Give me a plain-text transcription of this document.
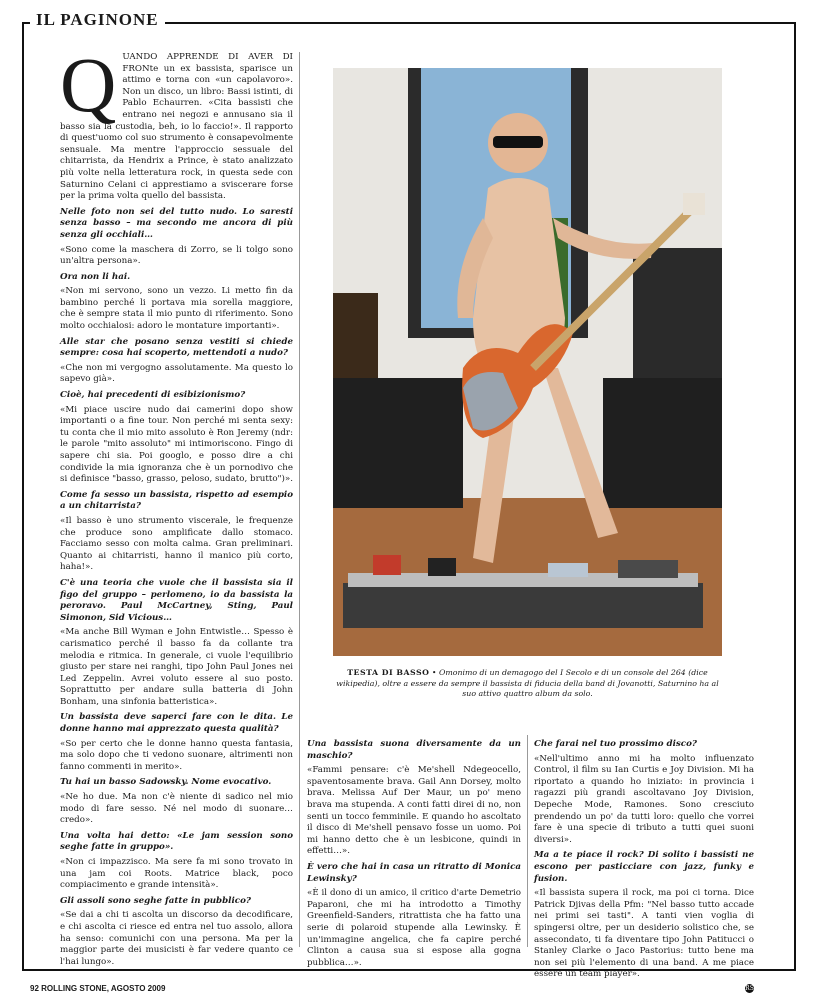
IL PAGINONE

QUANDO APPRENDE DI AVER DI FRONte un ex bassista, sparisce un attimo e torna con «un capolavoro». Non un disco, un libro: Bassi istinti, di Pablo Echaurren. «Cita bassisti che entrano nei negozi e annusano sia il basso sia la custodia, beh, io lo faccio!». Il rapporto di quest'uomo col suo strumento è consapevolmente sensuale. Ma mentre l'approccio sessuale del chitarrista, da Hendrix a Prince, è stato analizzato più volte nella letteratura rock, in questa sede con Saturnino Celani ci apprestiamo a sviscerare forse per la prima volta quello del bassista.

Nelle foto non sei del tutto nudo. Lo saresti senza basso – ma secondo me ancora di più senza gli occhiali…

«Sono come la maschera di Zorro, se li tolgo sono un'altra persona».

Ora non li hai.

«Non mi servono, sono un vezzo. Li metto fin da bambino perché li portava mia sorella maggiore, che è sempre stata il mio punto di riferimento. Sono molto occhialosi: adoro le montature importanti».

Alle star che posano senza vestiti si chiede sempre: cosa hai scoperto, mettendoti a nudo?

«Che non mi vergogno assolutamente. Ma questo lo sapevo già».

Cioè, hai precedenti di esibizionismo?

«Mi piace uscire nudo dai camerini dopo show importanti o a fine tour. Non perché mi senta sexy: tu conta che il mio mito assoluto è Ron Jeremy (ndr: le parole "mito assoluto" mi intimoriscono. Fingo di sapere chi sia. Poi googlo, e posso dire a chi condivide la mia ignoranza che è un pornodivo che si definisce "basso, grasso, peloso, sudato, brutto")».

Come fa sesso un bassista, rispetto ad esempio a un chitarrista?

«Il basso è uno strumento viscerale, le frequenze che produce sono amplificate dallo stomaco. Facciamo sesso con molta calma. Gran preliminari. Quanto ai chitarristi, hanno il manico più corto, haha!».

C'è una teoria che vuole che il bassista sia il figo del gruppo – perlomeno, io da bassista la peroravo. Paul McCartney, Sting, Paul Simonon, Sid Vicious…

«Ma anche Bill Wyman e John Entwistle… Spesso è carismatico perché il basso fa da collante tra melodia e ritmica. In generale, ci vuole l'equilibrio giusto per stare nei ranghi, tipo John Paul Jones nei Led Zeppelin. Avrei voluto essere al suo posto. Soprattutto per andare sulla batteria di John Bonham, una sinfonia batteristica».

Un bassista deve saperci fare con le dita. Le donne hanno mai apprezzato questa qualità?

«So per certo che le donne hanno questa fantasia, ma solo dopo che ti vedono suonare, altrimenti non fanno commenti in merito».

Tu hai un basso Sadowsky. Nome evocativo.

«Ne ho due. Ma non c'è niente di sadico nel mio modo di fare sesso. Né nel modo di suonare… credo».

Una volta hai detto: «Le jam session sono seghe fatte in gruppo».

«Non ci impazzisco. Ma sere fa mi sono trovato in una jam coi Roots. Matrice black, poco compiacimento e grande intensità».

Gli assoli sono seghe fatte in pubblico?

«Se dai a chi ti ascolta un discorso da decodificare, e chi ascolta ci riesce ed entra nel tuo assolo, allora ha senso: comunichi con una persona. Ma per la maggior parte dei musicisti è far vedere quanto ce l'hai lungo».

TESTA DI BASSO • Omonimo di un demagogo del I Secolo e di un console del 264 (dice wikipedia), oltre a essere da sempre il bassista di fiducia della band di Jovanotti, Saturnino ha al suo attivo quattro album da solo.

Una bassista suona diversamente da un maschio?

«Fammi pensare: c'è Me'shell Ndegeocello, spaventosamente brava. Gail Ann Dorsey, molto brava. Melissa Auf Der Maur, un po' meno brava ma stupenda. A conti fatti direi di no, non senti un tocco femminile. E quando ho ascoltato il disco di Me'shell pensavo fosse un uomo. Poi mi hanno detto che è un lesbicone, quindi in effetti…».

È vero che hai in casa un ritratto di Monica Lewinsky?

«È il dono di un amico, il critico d'arte Demetrio Paparoni, che mi ha introdotto a Timothy Greenfield-Sanders, ritrattista che ha fatto una serie di polaroid stupende alla Lewinsky. È un'immagine angelica, che fa capire perché Clinton a causa sua si espose alla gogna pubblica…».

Che farai nel tuo prossimo disco?

«Nell'ultimo anno mi ha molto influenzato Control, il film su Ian Curtis e Joy Division. Mi ha riportato a quando ho iniziato: in provincia i ragazzi più grandi ascoltavano Joy Division, Depeche Mode, Ramones. Sono cresciuto prendendo un po' da tutti loro: quello che vorrei fare è una specie di tributo a tutti quei suoni diversi».

Ma a te piace il rock? Di solito i bassisti ne escono per pasticciare con jazz, funky e fusion.

«Il bassista supera il rock, ma poi ci torna. Dice Patrick Djivas della Pfm: "Nel basso tutto accade nei primi sei tasti". A tanti vien voglia di spingersi oltre, per un desiderio solistico che, se assecondato, ti fa diventare tipo John Patitucci o Stanley Clarke o Jaco Pastorius: tutto bene ma non sei più l'elemento di una band. A me piace essere un team player».

RS
92 ROLLING STONE, AGOSTO 2009
